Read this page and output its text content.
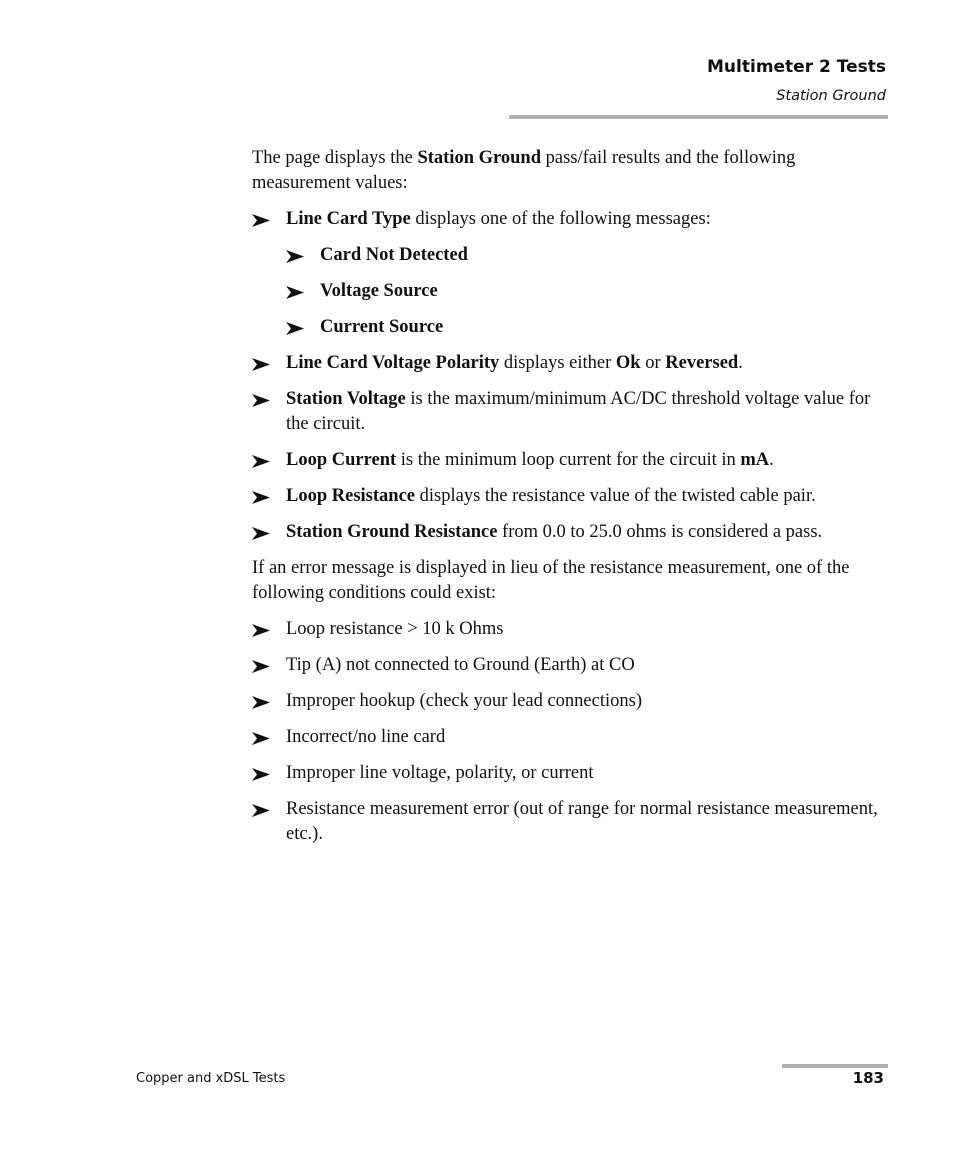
Multimeter 2 Tests
Station Ground

The page displays the Station Ground pass/fail results and the following measurement values:

Line Card Type displays one of the following messages:
Card Not Detected
Voltage Source
Current Source
Line Card Voltage Polarity displays either Ok or Reversed.
Station Voltage is the maximum/minimum AC/DC threshold voltage value for the circuit.
Loop Current is the minimum loop current for the circuit in mA.
Loop Resistance displays the resistance value of the twisted cable pair.
Station Ground Resistance from 0.0 to 25.0 ohms is considered a pass.

If an error message is displayed in lieu of the resistance measurement, one of the following conditions could exist:

Loop resistance > 10 k Ohms
Tip (A) not connected to Ground (Earth) at CO
Improper hookup (check your lead connections)
Incorrect/no line card
Improper line voltage, polarity, or current
Resistance measurement error (out of range for normal resistance measurement, etc.).
Copper and xDSL Tests	183
